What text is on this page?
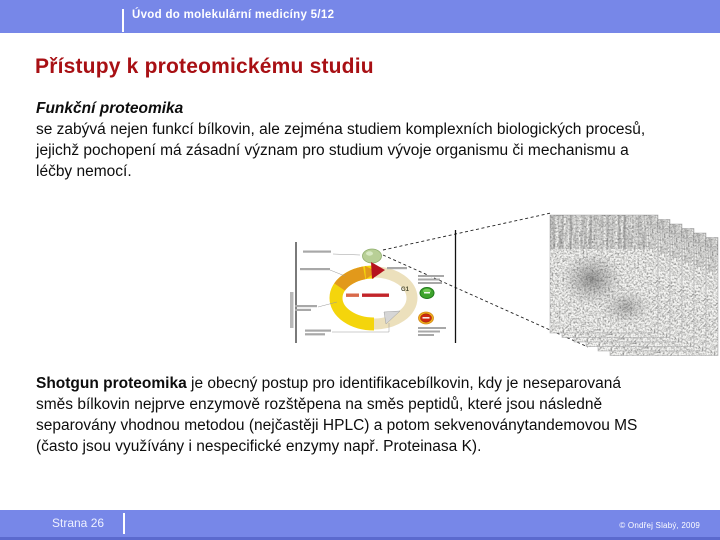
Úvod do molekulární medicíny 5/12
Přístupy k proteomickému studiu

Funkční proteomika
se zabývá nejen funkcí bílkovin, ale zejména studiem komplexních biologických procesů, jejichž pochopení má zásadní význam pro studium vývoje organismu či mechanismu a léčby nemocí.

G1

Shotgun proteomika je obecný postup pro identifikacebílkovin, kdy je neseparovaná směs bílkovin nejprve enzymově rozštěpena na směs peptidů, které jsou následně separovány vhodnou metodou (nejčastěji HPLC) a potom sekvenoványtandemovou MS (často jsou využívány i nespecifické enzymy např. Proteinasa K).

Strana 26	© Ondřej Slabý, 2009
